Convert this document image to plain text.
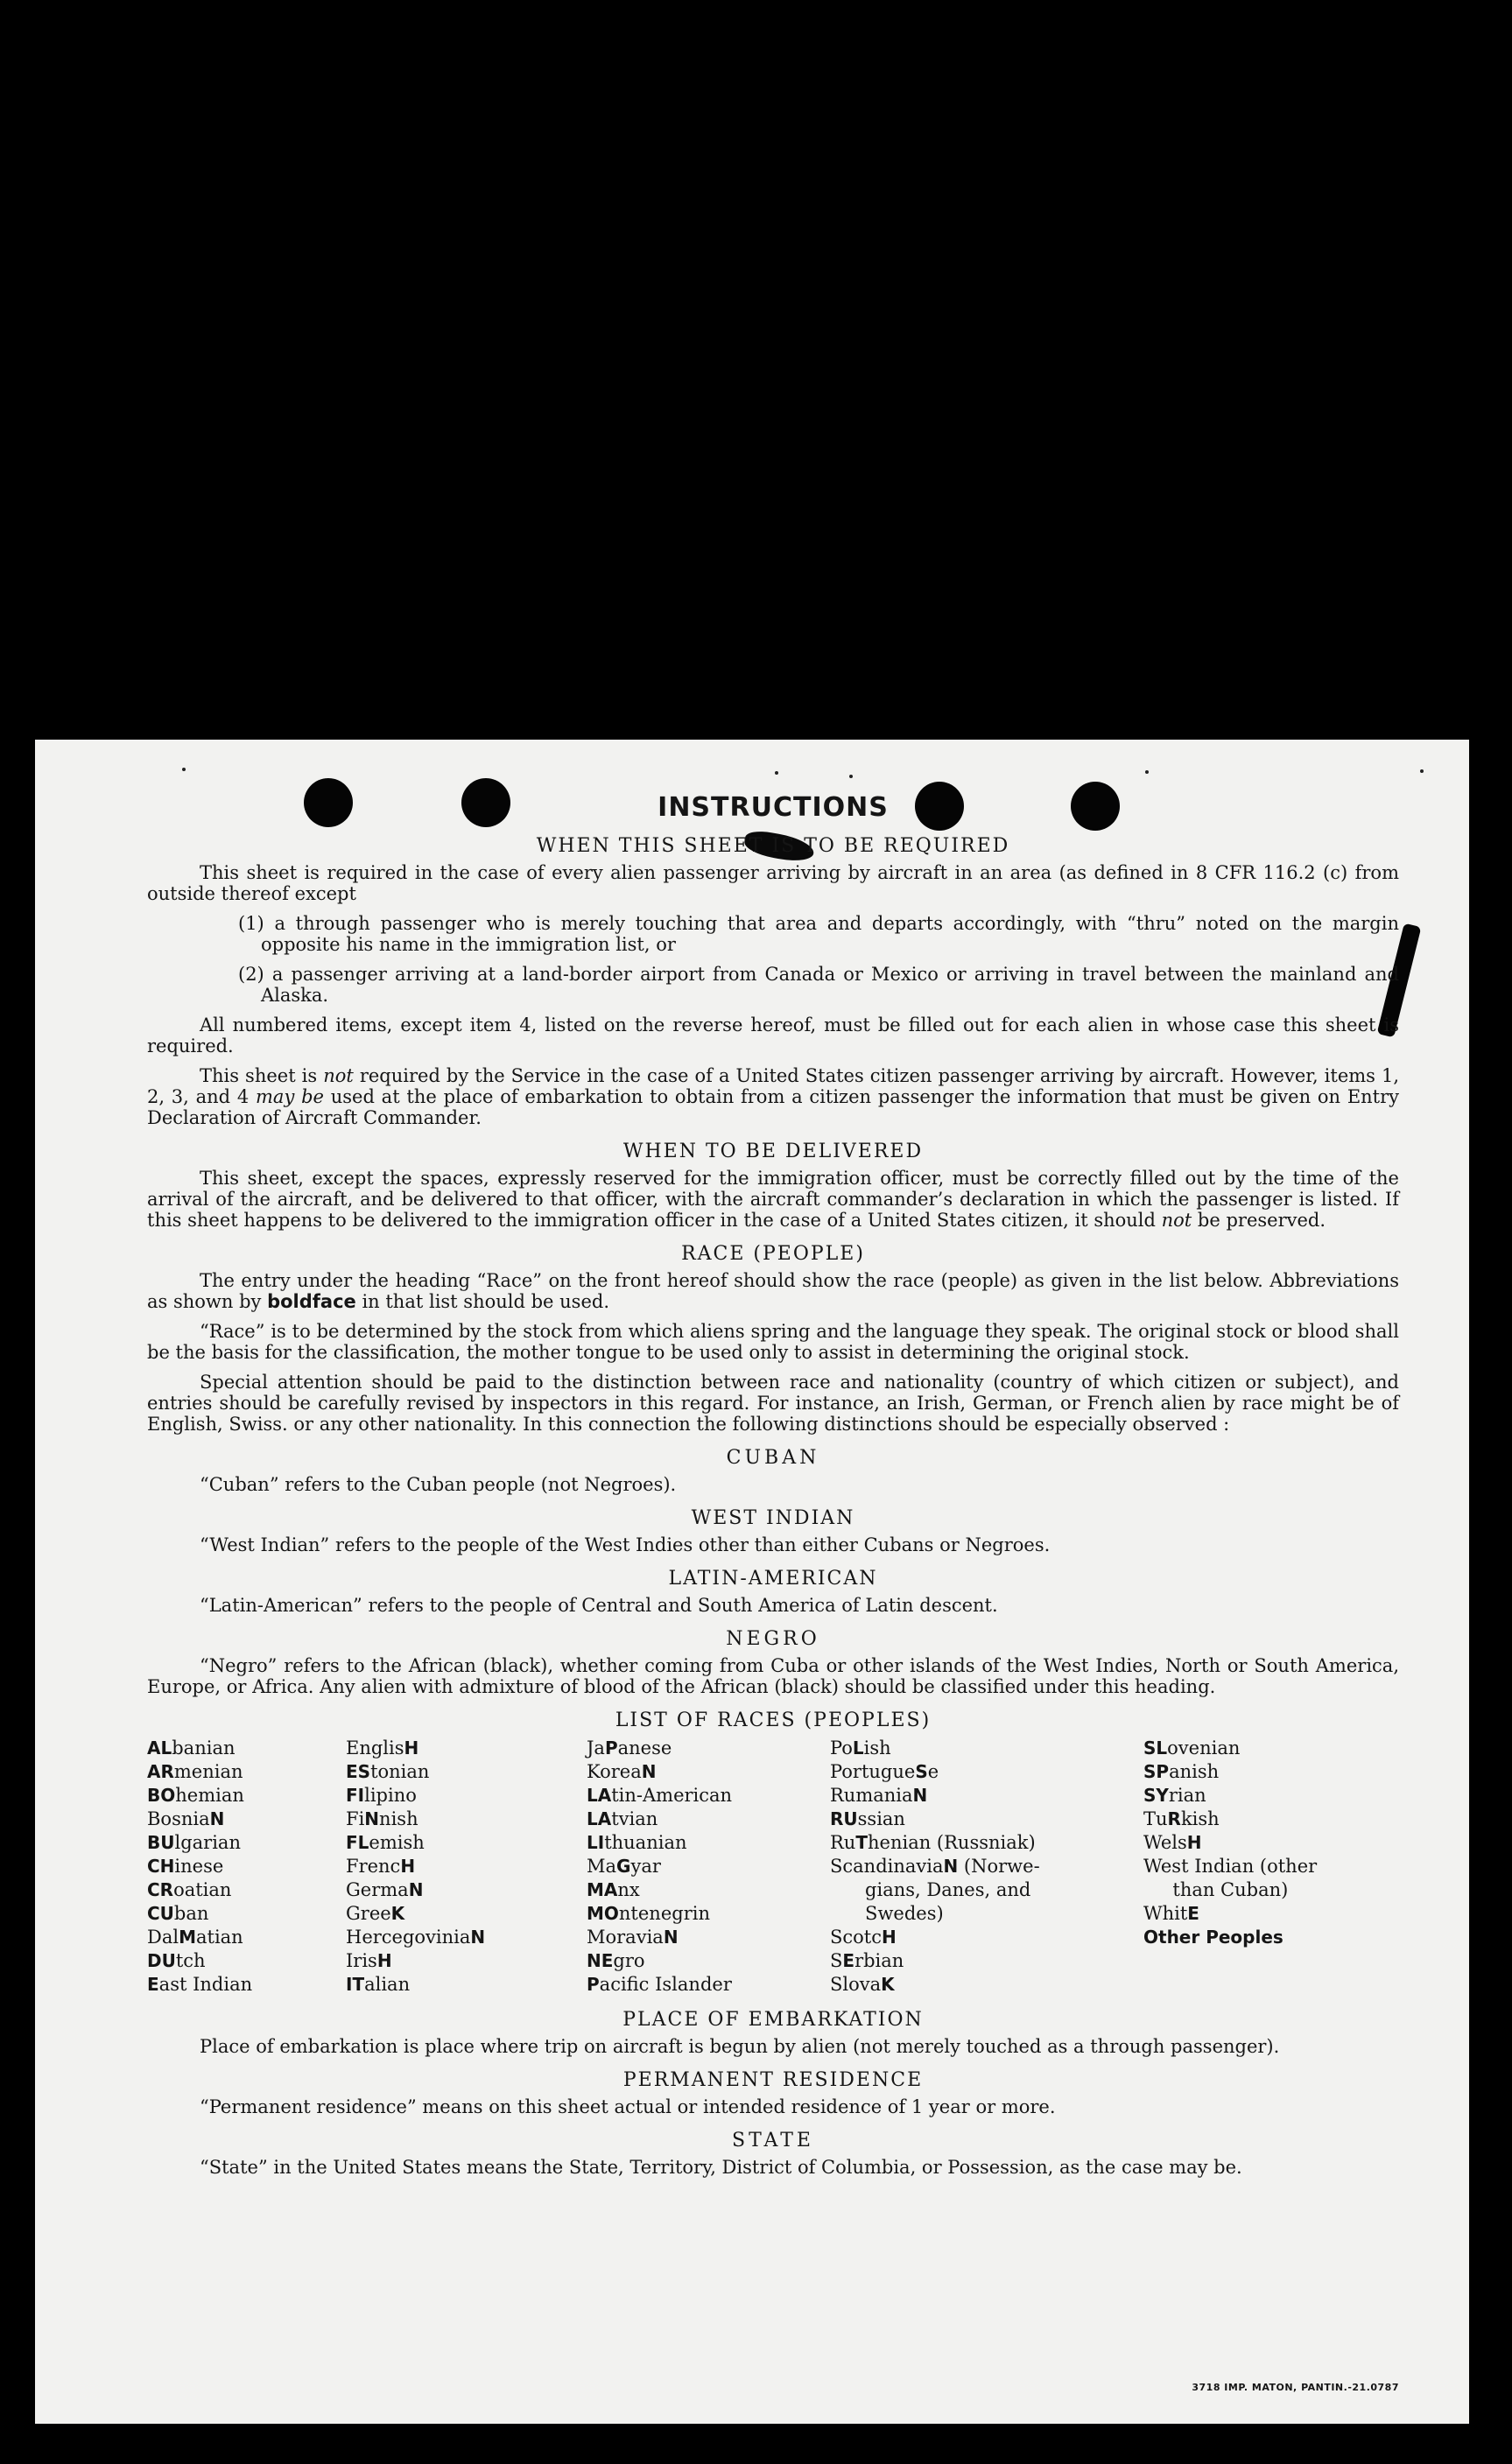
INSTRUCTIONS
WHEN THIS SHEET IS TO BE REQUIRED

This sheet is required in the case of every alien passenger arriving by aircraft in an area (as defined in 8 CFR 116.2 (c) from outside thereof except

(1) a through passenger who is merely touching that area and departs accordingly, with “thru” noted on the margin opposite his name in the immigration list, or

(2) a passenger arriving at a land-border airport from Canada or Mexico or arriving in travel between the mainland and Alaska.

All numbered items, except item 4, listed on the reverse hereof, must be filled out for each alien in whose case this sheet is required.

This sheet is not required by the Service in the case of a United States citizen passenger arriving by aircraft. However, items 1, 2, 3, and 4 may be used at the place of embarkation to obtain from a citizen passenger the information that must be given on Entry Declaration of Aircraft Commander.

WHEN TO BE DELIVERED

This sheet, except the spaces, expressly reserved for the immigration officer, must be correctly filled out by the time of the arrival of the aircraft, and be delivered to that officer, with the aircraft commander’s declaration in which the passenger is listed. If this sheet happens to be delivered to the immigration officer in the case of a United States citizen, it should not be preserved.

RACE (PEOPLE)

The entry under the heading “Race” on the front hereof should show the race (people) as given in the list below. Abbreviations as shown by boldface in that list should be used.

“Race” is to be determined by the stock from which aliens spring and the language they speak. The original stock or blood shall be the basis for the classification, the mother tongue to be used only to assist in determining the original stock.

Special attention should be paid to the distinction between race and nationality (country of which citizen or subject), and entries should be carefully revised by inspectors in this regard. For instance, an Irish, German, or French alien by race might be of English, Swiss. or any other nationality. In this connection the following distinctions should be especially observed :

CUBAN

“Cuban” refers to the Cuban people (not Negroes).

WEST INDIAN

“West Indian” refers to the people of the West Indies other than either Cubans or Negroes.

LATIN-AMERICAN

“Latin-American” refers to the people of Central and South America of Latin descent.

NEGRO

“Negro” refers to the African (black), whether coming from Cuba or other islands of the West Indies, North or South America, Europe, or Africa. Any alien with admixture of blood of the African (black) should be classified under this heading.

LIST OF RACES (PEOPLES)
ALbanian
ARmenian
BOhemian
BosniaN
BUlgarian
CHinese
CRoatian
CUban
DalMatian
DUtch
East Indian
EnglisH
EStonian
FIlipino
FiNnish
FLemish
FrencH
GermaN
GreeK
HercegoviniaN
IrisH
ITalian
JaPanese
KoreaN
LAtin-American
LAtvian
LIthuanian
MaGyar
MAnx
MOntenegrin
MoraviaN
NEgro
Pacific Islander
PoLish
PortugueSe
RumaniaN
RUssian
RuThenian (Russniak)
ScandinaviaN (Norwe-
gians, Danes, and
Swedes)
ScotcH
SErbian
SlovaK
SLovenian
SPanish
SYrian
TuRkish
WelsH
West Indian (other
than Cuban)
WhitE
Other Peoples
PLACE OF EMBARKATION

Place of embarkation is place where trip on aircraft is begun by alien (not merely touched as a through passenger).

PERMANENT RESIDENCE

“Permanent residence” means on this sheet actual or intended residence of 1 year or more.

STATE

“State” in the United States means the State, Territory, District of Columbia, or Possession, as the case may be.

3718 IMP. MATON, PANTIN.-21.0787
